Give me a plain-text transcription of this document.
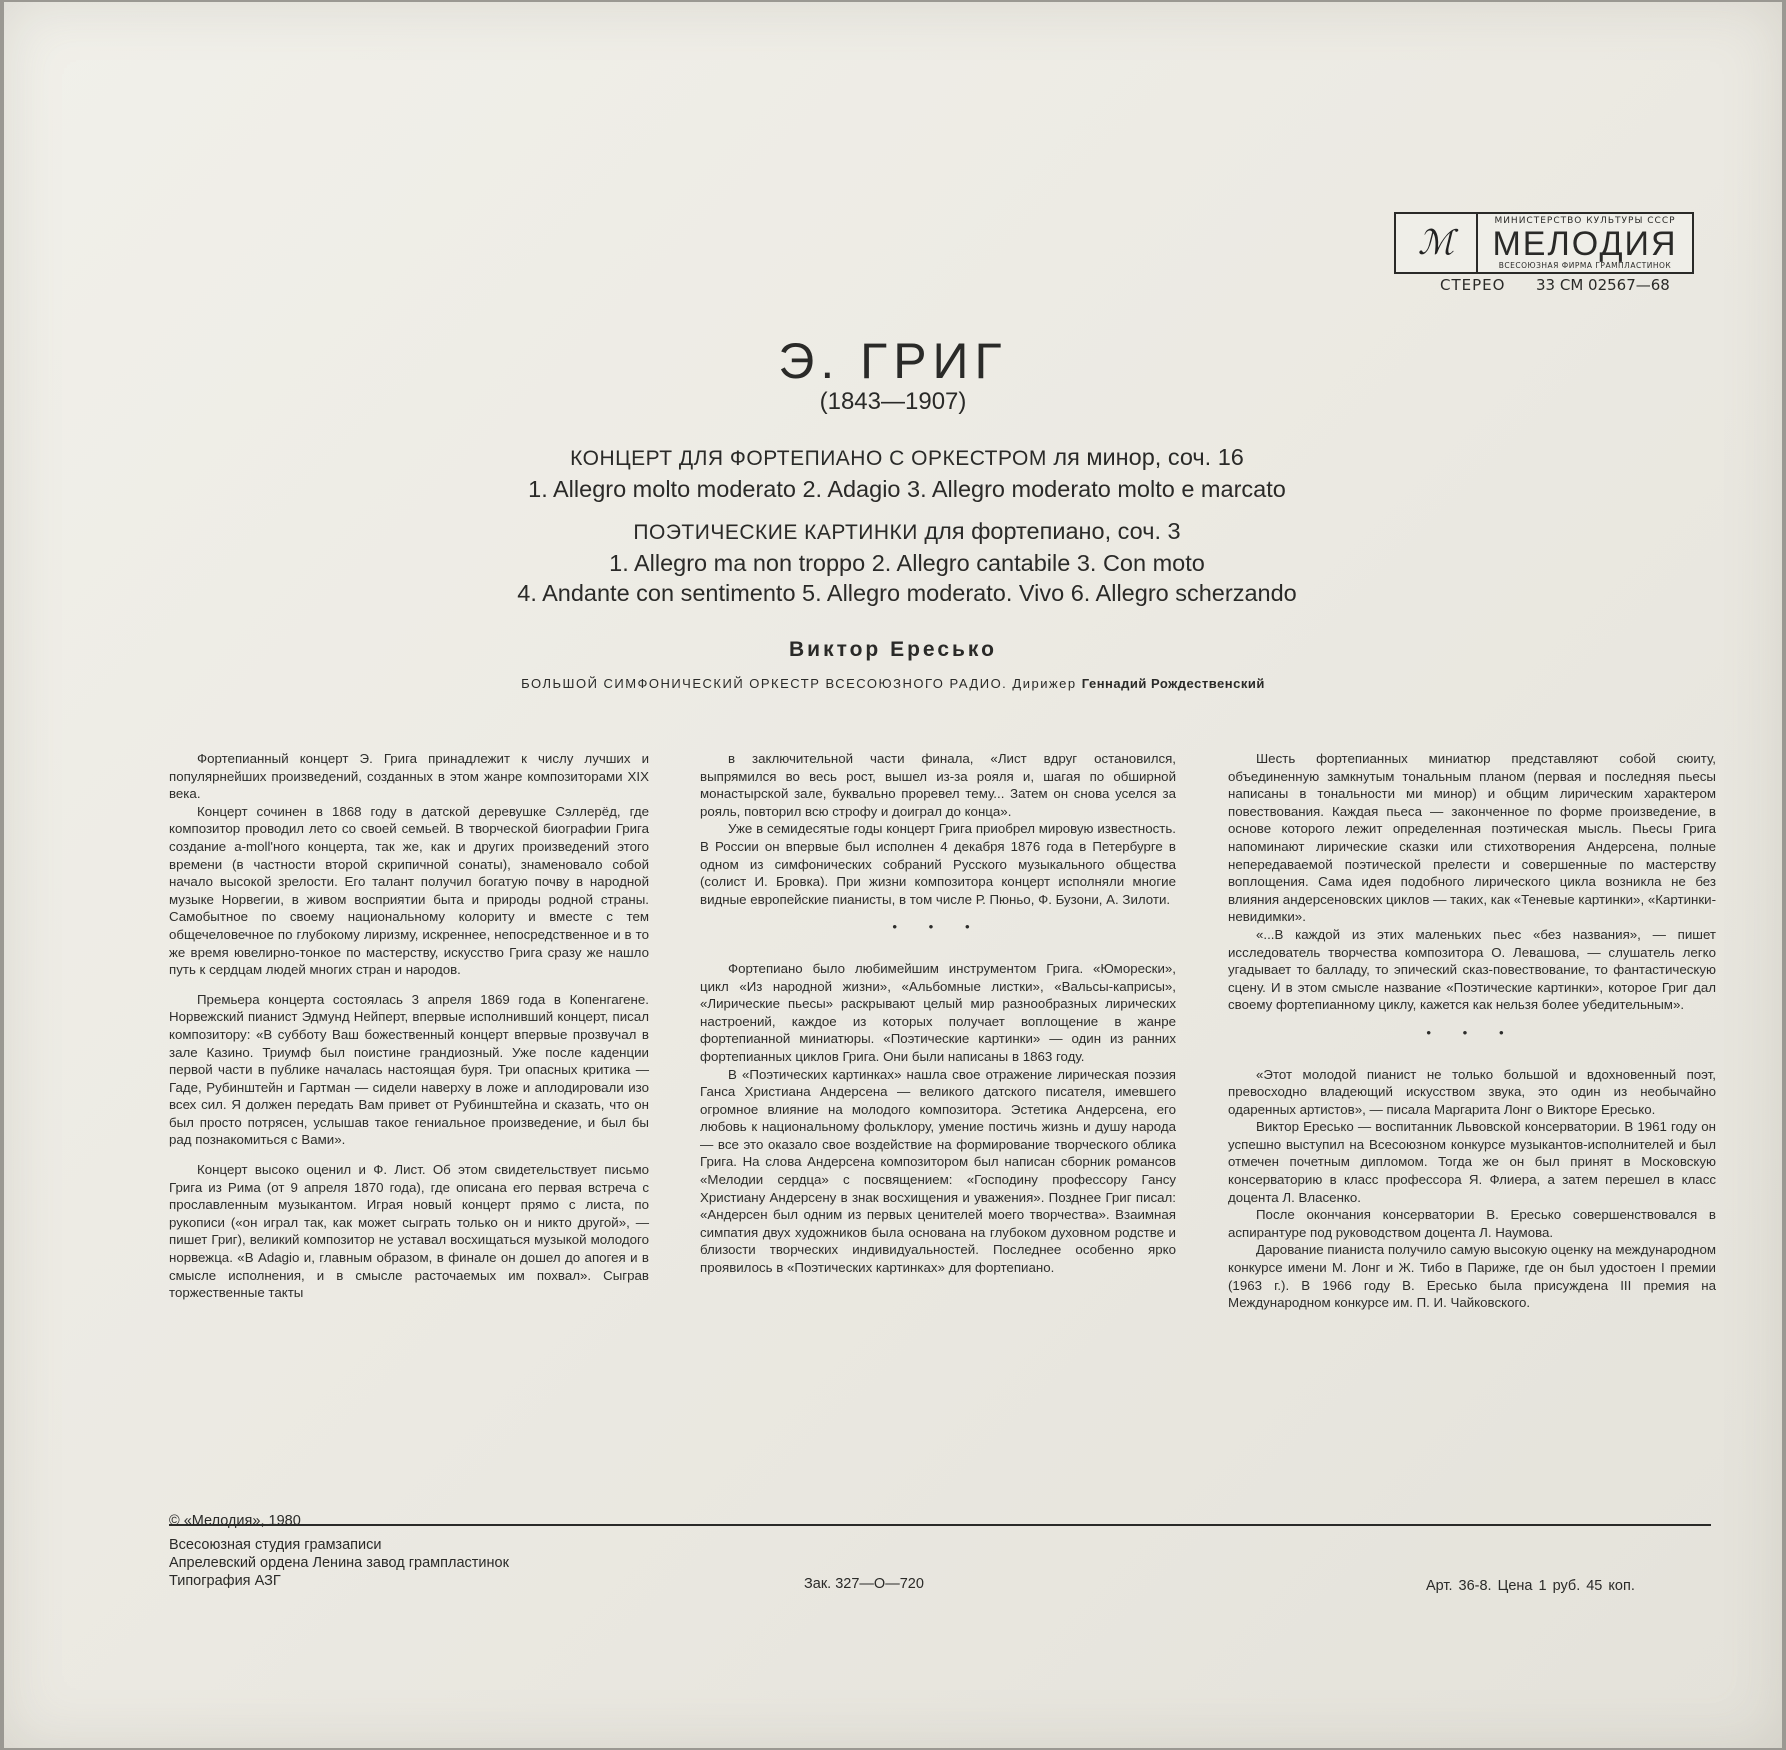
ℳ
МИНИСТЕРСТВО КУЛЬТУРЫ СССР
МЕЛОДИЯ
ВСЕСОЮЗНАЯ ФИРМА ГРАМПЛАСТИНОК
СТЕРЕО 33 СМ 02567—68
Э. ГРИГ
(1843—1907)
КОНЦЕРТ ДЛЯ ФОРТЕПИАНО С ОРКЕСТРОМ ля минор, соч. 16
1. Allegro molto moderato 2. Adagio 3. Allegro moderato molto e marcato
ПОЭТИЧЕСКИЕ КАРТИНКИ для фортепиано, соч. 3
1. Allegro ma non troppo 2. Allegro cantabile 3. Con moto
4. Andante con sentimento 5. Allegro moderato. Vivo 6. Allegro scherzando
Виктор Ересько
БОЛЬШОЙ СИМФОНИЧЕСКИЙ ОРКЕСТР ВСЕСОЮЗНОГО РАДИО. Дирижер Геннадий Рождественский

Фортепианный концерт Э. Грига принадлежит к числу лучших и популярнейших произведений, созданных в этом жанре композиторами XIX века.

Концерт сочинен в 1868 году в датской деревушке Сэллерёд, где композитор проводил лето со своей семьей. В творческой биографии Грига создание a-moll'ного концерта, так же, как и других произведений этого времени (в частности второй скрипичной сонаты), знаменовало собой начало высокой зрелости. Его талант получил богатую почву в народной музыке Норвегии, в живом восприятии быта и природы родной страны. Самобытное по своему национальному колориту и вместе с тем общечеловечное по глубокому лиризму, искреннее, непосредственное и в то же время ювелирно-тонкое по мастерству, искусство Грига сразу же нашло путь к сердцам людей многих стран и народов.

Премьера концерта состоялась 3 апреля 1869 года в Копенгагене. Норвежский пианист Эдмунд Нейперт, впервые исполнивший концерт, писал композитору: «В субботу Ваш божественный концерт впервые прозвучал в зале Казино. Триумф был поистине грандиозный. Уже после каденции первой части в публике началась настоящая буря. Три опасных критика — Гаде, Рубинштейн и Гартман — сидели наверху в ложе и аплодировали изо всех сил. Я должен передать Вам привет от Рубинштейна и сказать, что он был просто потрясен, услышав такое гениальное произведение, и был бы рад познакомиться с Вами».

Концерт высоко оценил и Ф. Лист. Об этом свидетельствует письмо Грига из Рима (от 9 апреля 1870 года), где описана его первая встреча с прославленным музыкантом. Играя новый концерт прямо с листа, по рукописи («он играл так, как может сыграть только он и никто другой», — пишет Григ), великий композитор не уставал восхищаться музыкой молодого норвежца. «В Adagio и, главным образом, в финале он дошел до апогея и в смысле исполнения, и в смысле расточаемых им похвал». Сыграв торжественные такты

в заключительной части финала, «Лист вдруг остановился, выпрямился во весь рост, вышел из-за рояля и, шагая по обширной монастырской зале, буквально проревел тему... Затем он снова уселся за рояль, повторил всю строфу и доиграл до конца».

Уже в семидесятые годы концерт Грига приобрел мировую известность. В России он впервые был исполнен 4 декабря 1876 года в Петербурге в одном из симфонических собраний Русского музыкального общества (солист И. Бровка). При жизни композитора концерт исполняли многие видные европейские пианисты, в том числе Р. Пюньо, Ф. Бузони, А. Зилоти.

• • •

Фортепиано было любимейшим инструментом Грига. «Юморески», цикл «Из народной жизни», «Альбомные листки», «Вальсы-каприсы», «Лирические пьесы» раскрывают целый мир разнообразных лирических настроений, каждое из которых получает воплощение в жанре фортепианной миниатюры. «Поэтические картинки» — один из ранних фортепианных циклов Грига. Они были написаны в 1863 году.

В «Поэтических картинках» нашла свое отражение лирическая поэзия Ганса Христиана Андерсена — великого датского писателя, имевшего огромное влияние на молодого композитора. Эстетика Андерсена, его любовь к национальному фольклору, умение постичь жизнь и душу народа — все это оказало свое воздействие на формирование творческого облика Грига. На слова Андерсена композитором был написан сборник романсов «Мелодии сердца» с посвящением: «Господину профессору Гансу Христиану Андерсену в знак восхищения и уважения». Позднее Григ писал: «Андерсен был одним из первых ценителей моего творчества». Взаимная симпатия двух художников была основана на глубоком духовном родстве и близости творческих индивидуальностей. Последнее особенно ярко проявилось в «Поэтических картинках» для фортепиано.

Шесть фортепианных миниатюр представляют собой сюиту, объединенную замкнутым тональным планом (первая и последняя пьесы написаны в тональности ми минор) и общим лирическим характером повествования. Каждая пьеса — законченное по форме произведение, в основе которого лежит определенная поэтическая мысль. Пьесы Грига напоминают лирические сказки или стихотворения Андерсена, полные непередаваемой поэтической прелести и совершенные по мастерству воплощения. Сама идея подобного лирического цикла возникла не без влияния андерсеновских циклов — таких, как «Теневые картинки», «Картинки-невидимки».

«...В каждой из этих маленьких пьес «без названия», — пишет исследователь творчества композитора О. Левашова, — слушатель легко угадывает то балладу, то эпический сказ-повествование, то фантастическую сцену. И в этом смысле название «Поэтические картинки», которое Григ дал своему фортепианному циклу, кажется как нельзя более убедительным».

• • •

«Этот молодой пианист не только большой и вдохновенный поэт, превосходно владеющий искусством звука, это один из необычайно одаренных артистов», — писала Маргарита Лонг о Викторе Ересько.

Виктор Ересько — воспитанник Львовской консерватории. В 1961 году он успешно выступил на Всесоюзном конкурсе музыкантов-исполнителей и был отмечен почетным дипломом. Тогда же он был принят в Московскую консерваторию в класс профессора Я. Флиера, а затем перешел в класс доцента Л. Власенко.

После окончания консерватории В. Ересько совершенствовался в аспирантуре под руководством доцента Л. Наумова.

Дарование пианиста получило самую высокую оценку на международном конкурсе имени М. Лонг и Ж. Тибо в Париже, где он был удостоен I премии (1963 г.). В 1966 году В. Ересько была присуждена III премия на Международном конкурсе им. П. И. Чайковского.

© «Мелодия», 1980
Всесоюзная студия грамзаписи
Апрелевский ордена Ленина завод грампластинок
Типография АЗГ	Зак. 327—О—720	Арт. 36-8. Цена 1 руб. 45 коп.
